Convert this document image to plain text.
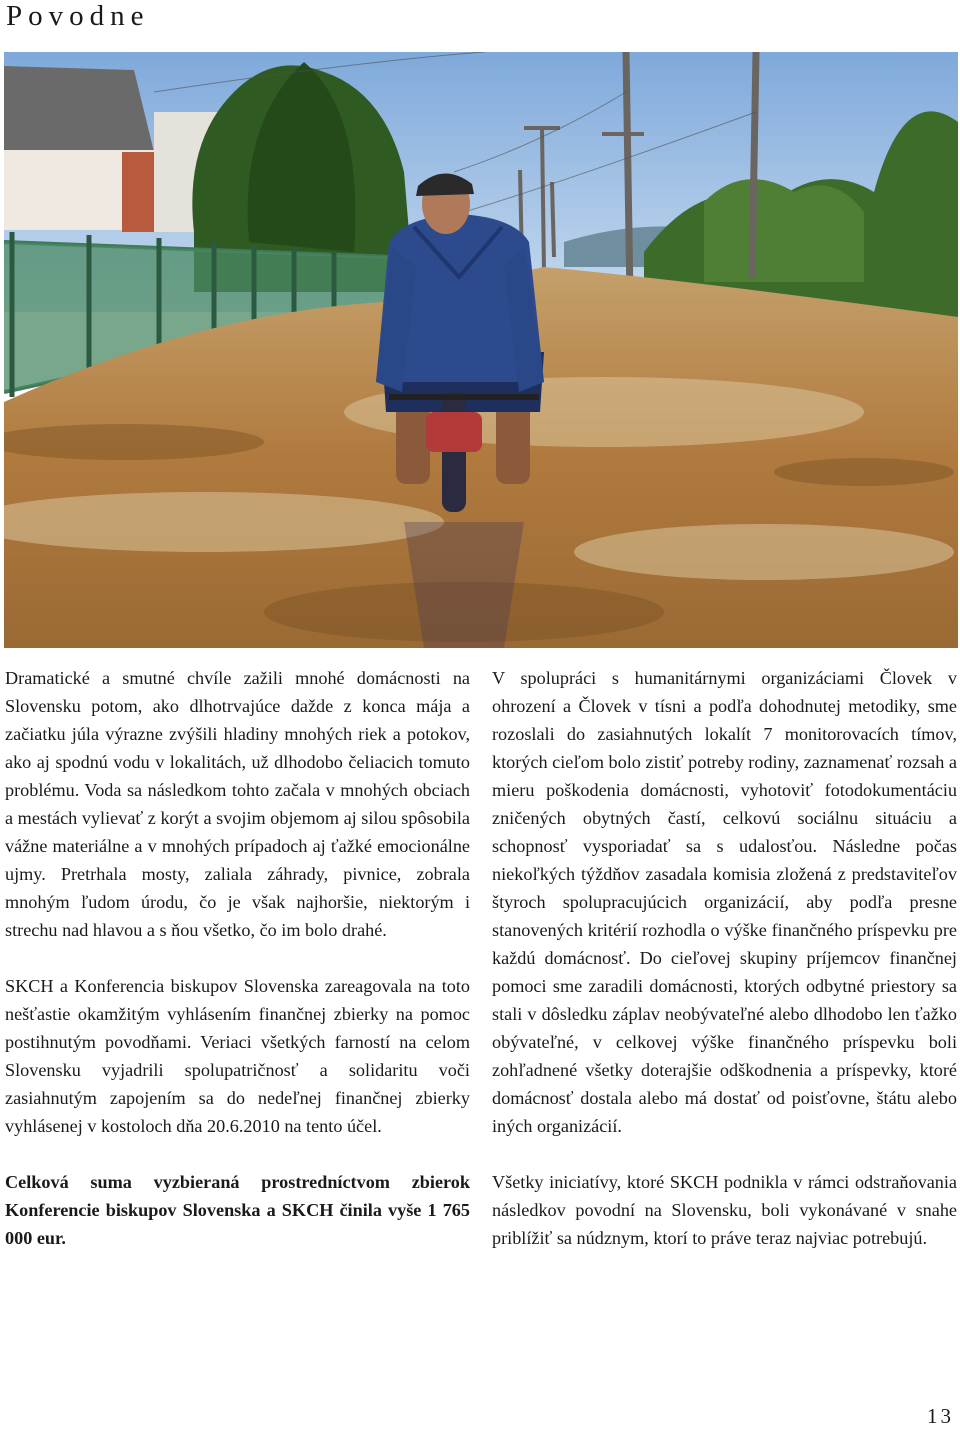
Povodne

Dramatické a smutné chvíle zažili mnohé domácnosti na Slovensku potom, ako dlhotrvajúce dažde z konca mája a začiatku júla výrazne zvýšili hladiny mnohých riek a potokov, ako aj spodnú vodu v lokalitách, už dlhodobo čeliacich tomuto problému. Voda sa následkom tohto začala v mnohých obciach a mestách vylievať z korýt a svojim objemom aj silou spôsobila vážne materiálne a v mnohých prípadoch aj ťažké emocionálne ujmy. Pretrhala mosty, zaliala záhrady, pivnice, zobrala mnohým ľudom úrodu, čo je však najhoršie, niektorým i strechu nad hlavou a s ňou všetko, čo im bolo drahé.

SKCH a Konferencia biskupov Slovenska zareagovala na toto nešťastie okamžitým vyhlásením finančnej zbierky na pomoc postihnutým povodňami. Veriaci všetkých farností na celom Slovensku vyjadrili spolupatričnosť a solidaritu voči zasiahnutým zapojením sa do nedeľnej finančnej zbierky vyhlásenej v kostoloch dňa 20.6.2010 na tento účel.

Celková suma vyzbieraná prostredníctvom zbierok Konferencie biskupov Slovenska a SKCH činila vyše 1 765 000 eur.

V spolupráci s humanitárnymi organizáciami Človek v ohrození a Človek v tísni a podľa dohodnutej metodiky, sme rozoslali do zasiahnutých lokalít 7 monitorovacích tímov, ktorých cieľom bolo zistiť potreby rodiny, zaznamenať rozsah a mieru poškodenia domácnosti, vyhotoviť fotodokumentáciu zničených obytných častí, celkovú sociálnu situáciu a schopnosť vysporiadať sa s udalosťou. Následne počas niekoľkých týždňov zasadala komisia zložená z predstaviteľov štyroch spolupracujúcich organizácií, aby podľa presne stanovených kritérií rozhodla o výške finančného príspevku pre každú domácnosť. Do cieľovej skupiny príjemcov finančnej pomoci sme zaradili domácnosti, ktorých odbytné priestory sa stali v dôsledku záplav neobývateľné alebo dlhodobo len ťažko obývateľné, v celkovej výške finančného príspevku boli zohľadnené všetky doterajšie odškodnenia a príspevky, ktoré domácnosť dostala alebo má dostať od poisťovne, štátu alebo iných organizácií.

Všetky iniciatívy, ktoré SKCH podnikla v rámci odstraňovania následkov povodní na Slovensku, boli vykonávané v snahe priblížiť sa núdznym, ktorí to práve teraz najviac potrebujú.

13
